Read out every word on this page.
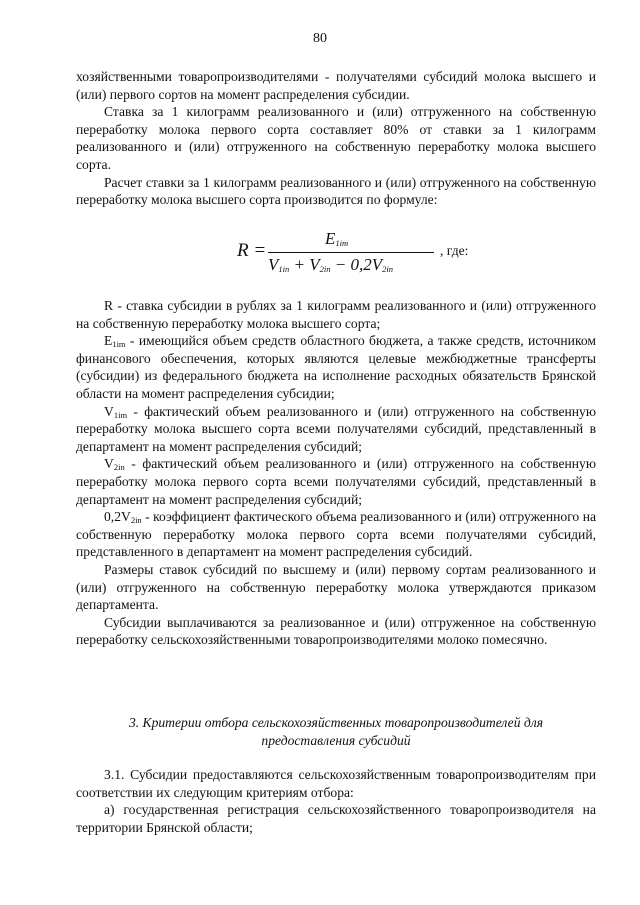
80

хозяйственными товаропроизводителями - получателями субсидий молока высшего и (или) первого сортов на момент распределения субсидии.

Ставка за 1 килограмм реализованного и (или) отгруженного на собственную переработку молока первого сорта составляет 80% от ставки за 1 килограмм реализованного и (или) отгруженного на собственную переработку молока высшего сорта.

Расчет ставки за 1 килограмм реализованного и (или) отгруженного на собственную переработку молока высшего сорта производится по формуле:

R =
$E_{1im}$
$V_{1in} + V_{2in} - 0,2V_{2in}$
, где:

R - ставка субсидии в рублях за 1 килограмм реализованного и (или) отгруженного на собственную переработку молока высшего сорта;

$E_{1im}$ - имеющийся объем средств областного бюджета, а также средств, источником финансового обеспечения, которых являются целевые межбюджетные трансферты (субсидии) из федерального бюджета на исполнение расходных обязательств Брянской области на момент распределения субсидии;

$V_{1im}$ - фактический объем реализованного и (или) отгруженного на собственную переработку молока высшего сорта всеми получателями субсидий, представленный в департамент на момент распределения субсидий;

$V_{2in}$ - фактический объем реализованного и (или) отгруженного на собственную переработку молока первого сорта всеми получателями субсидий, представленный в департамент на момент распределения субсидий;

$0,2V_{2in}$ - коэффициент фактического объема реализованного и (или) отгруженного на собственную переработку молока первого сорта всеми получателями субсидий, представленного в департамент на момент распределения субсидий.

Размеры ставок субсидий по высшему и (или) первому сортам реализованного и (или) отгруженного на собственную переработку молока утверждаются приказом департамента.

Субсидии выплачиваются за реализованное и (или) отгруженное на собственную переработку сельскохозяйственными товаропроизводителями молоко помесячно.

3. Критерии отбора сельскохозяйственных товаропроизводителей для
предоставления субсидий

3.1. Субсидии предоставляются сельскохозяйственным товаропроизводителям при соответствии их следующим критериям отбора:

а) государственная регистрация сельскохозяйственного товаропроизводителя на территории Брянской области;
